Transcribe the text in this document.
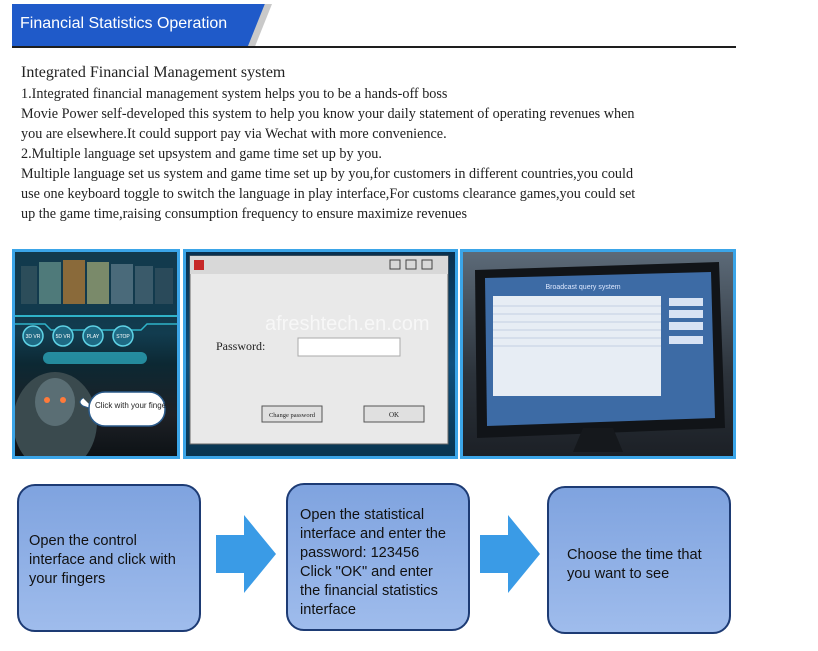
Financial Statistics Operation
Integrated Financial Management system
1.Integrated financial management system helps you to be a hands-off boss
Movie Power self-developed this system to help you know your daily statement of operating revenues when
you are elsewhere.It could support pay via Wechat with more convenience.
2.Multiple language set upsystem and game time set up by you.
Multiple language set us system and game time set up by you,for customers in different countries,you could
use one keyboard toggle to switch the language in play interface,For customs clearance games,you could set
up the game time,raising consumption frequency to ensure maximize revenues
3D VR	5D VR	PLAY	STOP
Click with your fingers
Password:
Change password	OK
Broadcast query system
afreshtech.en.com

Open the control
interface and click with
your fingers

Open the statistical
interface and enter the
password: 123456
Click "OK" and enter
the financial statistics
interface

Choose the time that
you want to see
